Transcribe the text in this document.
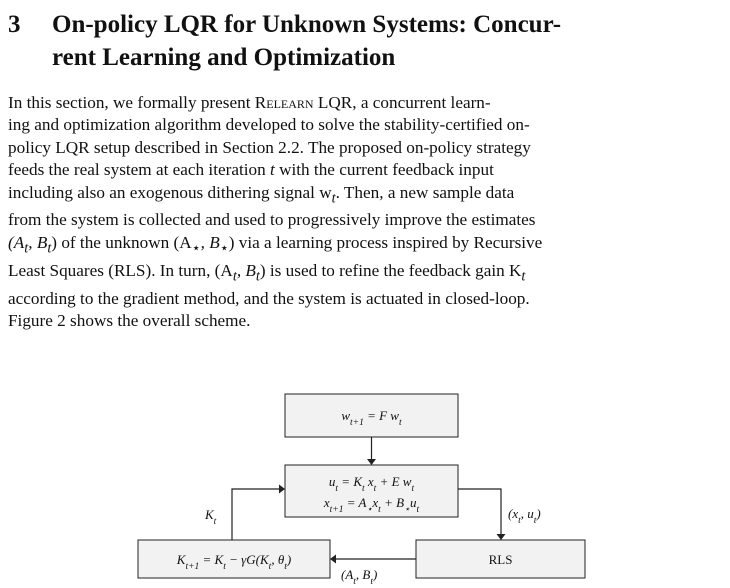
3 On-policy LQR for Unknown Systems: Concur-
rent Learning and Optimization
In this section, we formally present Relearn LQR, a concurrent learn-
ing and optimization algorithm developed to solve the stability-certified on-
policy LQR setup described in Section 2.2. The proposed on-policy strategy
feeds the real system at each iteration t with the current feedback input
including also an exogenous dithering signal $w_t$. Then, a new sample data
from the system is collected and used to progressively improve the estimates
($A_t$, $B_t$) of the unknown ($A_⋆$, $B_⋆$) via a learning process inspired by Recursive
Least Squares (RLS). In turn, ($A_t$, $B_t$) is used to refine the feedback gain $K_t$
according to the gradient method, and the system is actuated in closed-loop.
Figure 2 shows the overall scheme.
$w_{t+1} = F$ $w_t$
$u_t = K_t$ $x_t + E$ $w_t$
$x_{t+1} = A_⋆x_t + B_⋆u_t$
$K_{t+1} = K_t - \gamma G(K_t$, $\theta_t$)	RLS
$K_t$
($x_t$, $u_t$)
($A_t$, $B_t$)
